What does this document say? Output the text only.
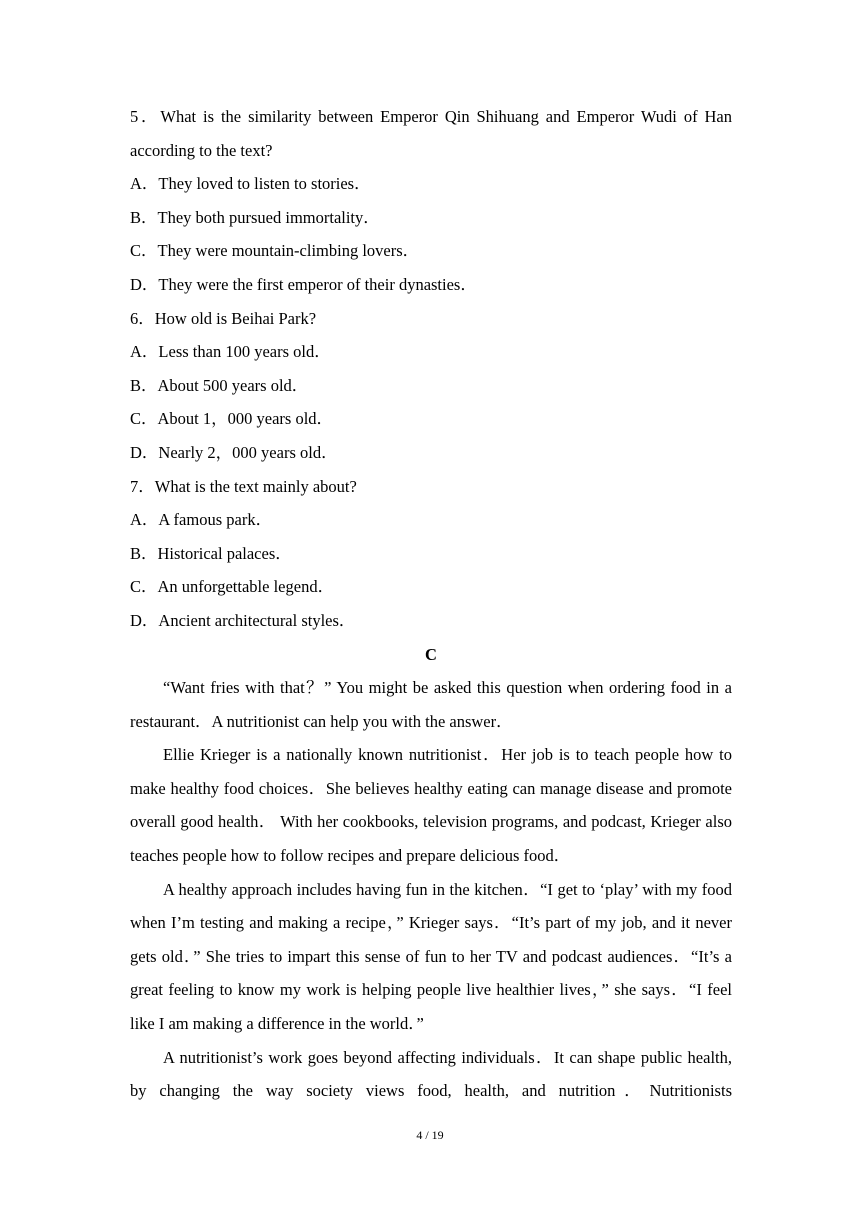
5．What is the similarity between Emperor Qin Shihuang and Emperor Wudi of Han according to the text?
A．They loved to listen to stories．
B．They both pursued immortality．
C．They were mountain-climbing lovers．
D．They were the first emperor of their dynasties．
6．How old is Beihai Park?
A．Less than 100 years old．
B．About 500 years old．
C．About 1，000 years old．
D．Nearly 2，000 years old．
7．What is the text mainly about?
A．A famous park．
B．Historical palaces．
C．An unforgettable legend．
D．Ancient architectural styles．
C

“Want fries with that？” You might be asked this question when ordering food in a restaurant．A nutritionist can help you with the answer．

Ellie Krieger is a nationally known nutritionist．Her job is to teach people how to make healthy food choices．She believes healthy eating can manage disease and promote overall good health． With her cookbooks, television programs, and podcast, Krieger also teaches people how to follow recipes and prepare delicious food．

A healthy approach includes having fun in the kitchen．“I get to ‘play’ with my food when I’m testing and making a recipe，” Krieger says．“It’s part of my job, and it never gets old．” She tries to impart this sense of fun to her TV and podcast audiences．“It’s a great feeling to know my work is helping people live healthier lives，” she says．“I feel like I am making a difference in the world．”

A nutritionist’s work goes beyond affecting individuals．It can shape public health, by changing the way society views food, health, and nutrition．Nutritionists

4 / 19
